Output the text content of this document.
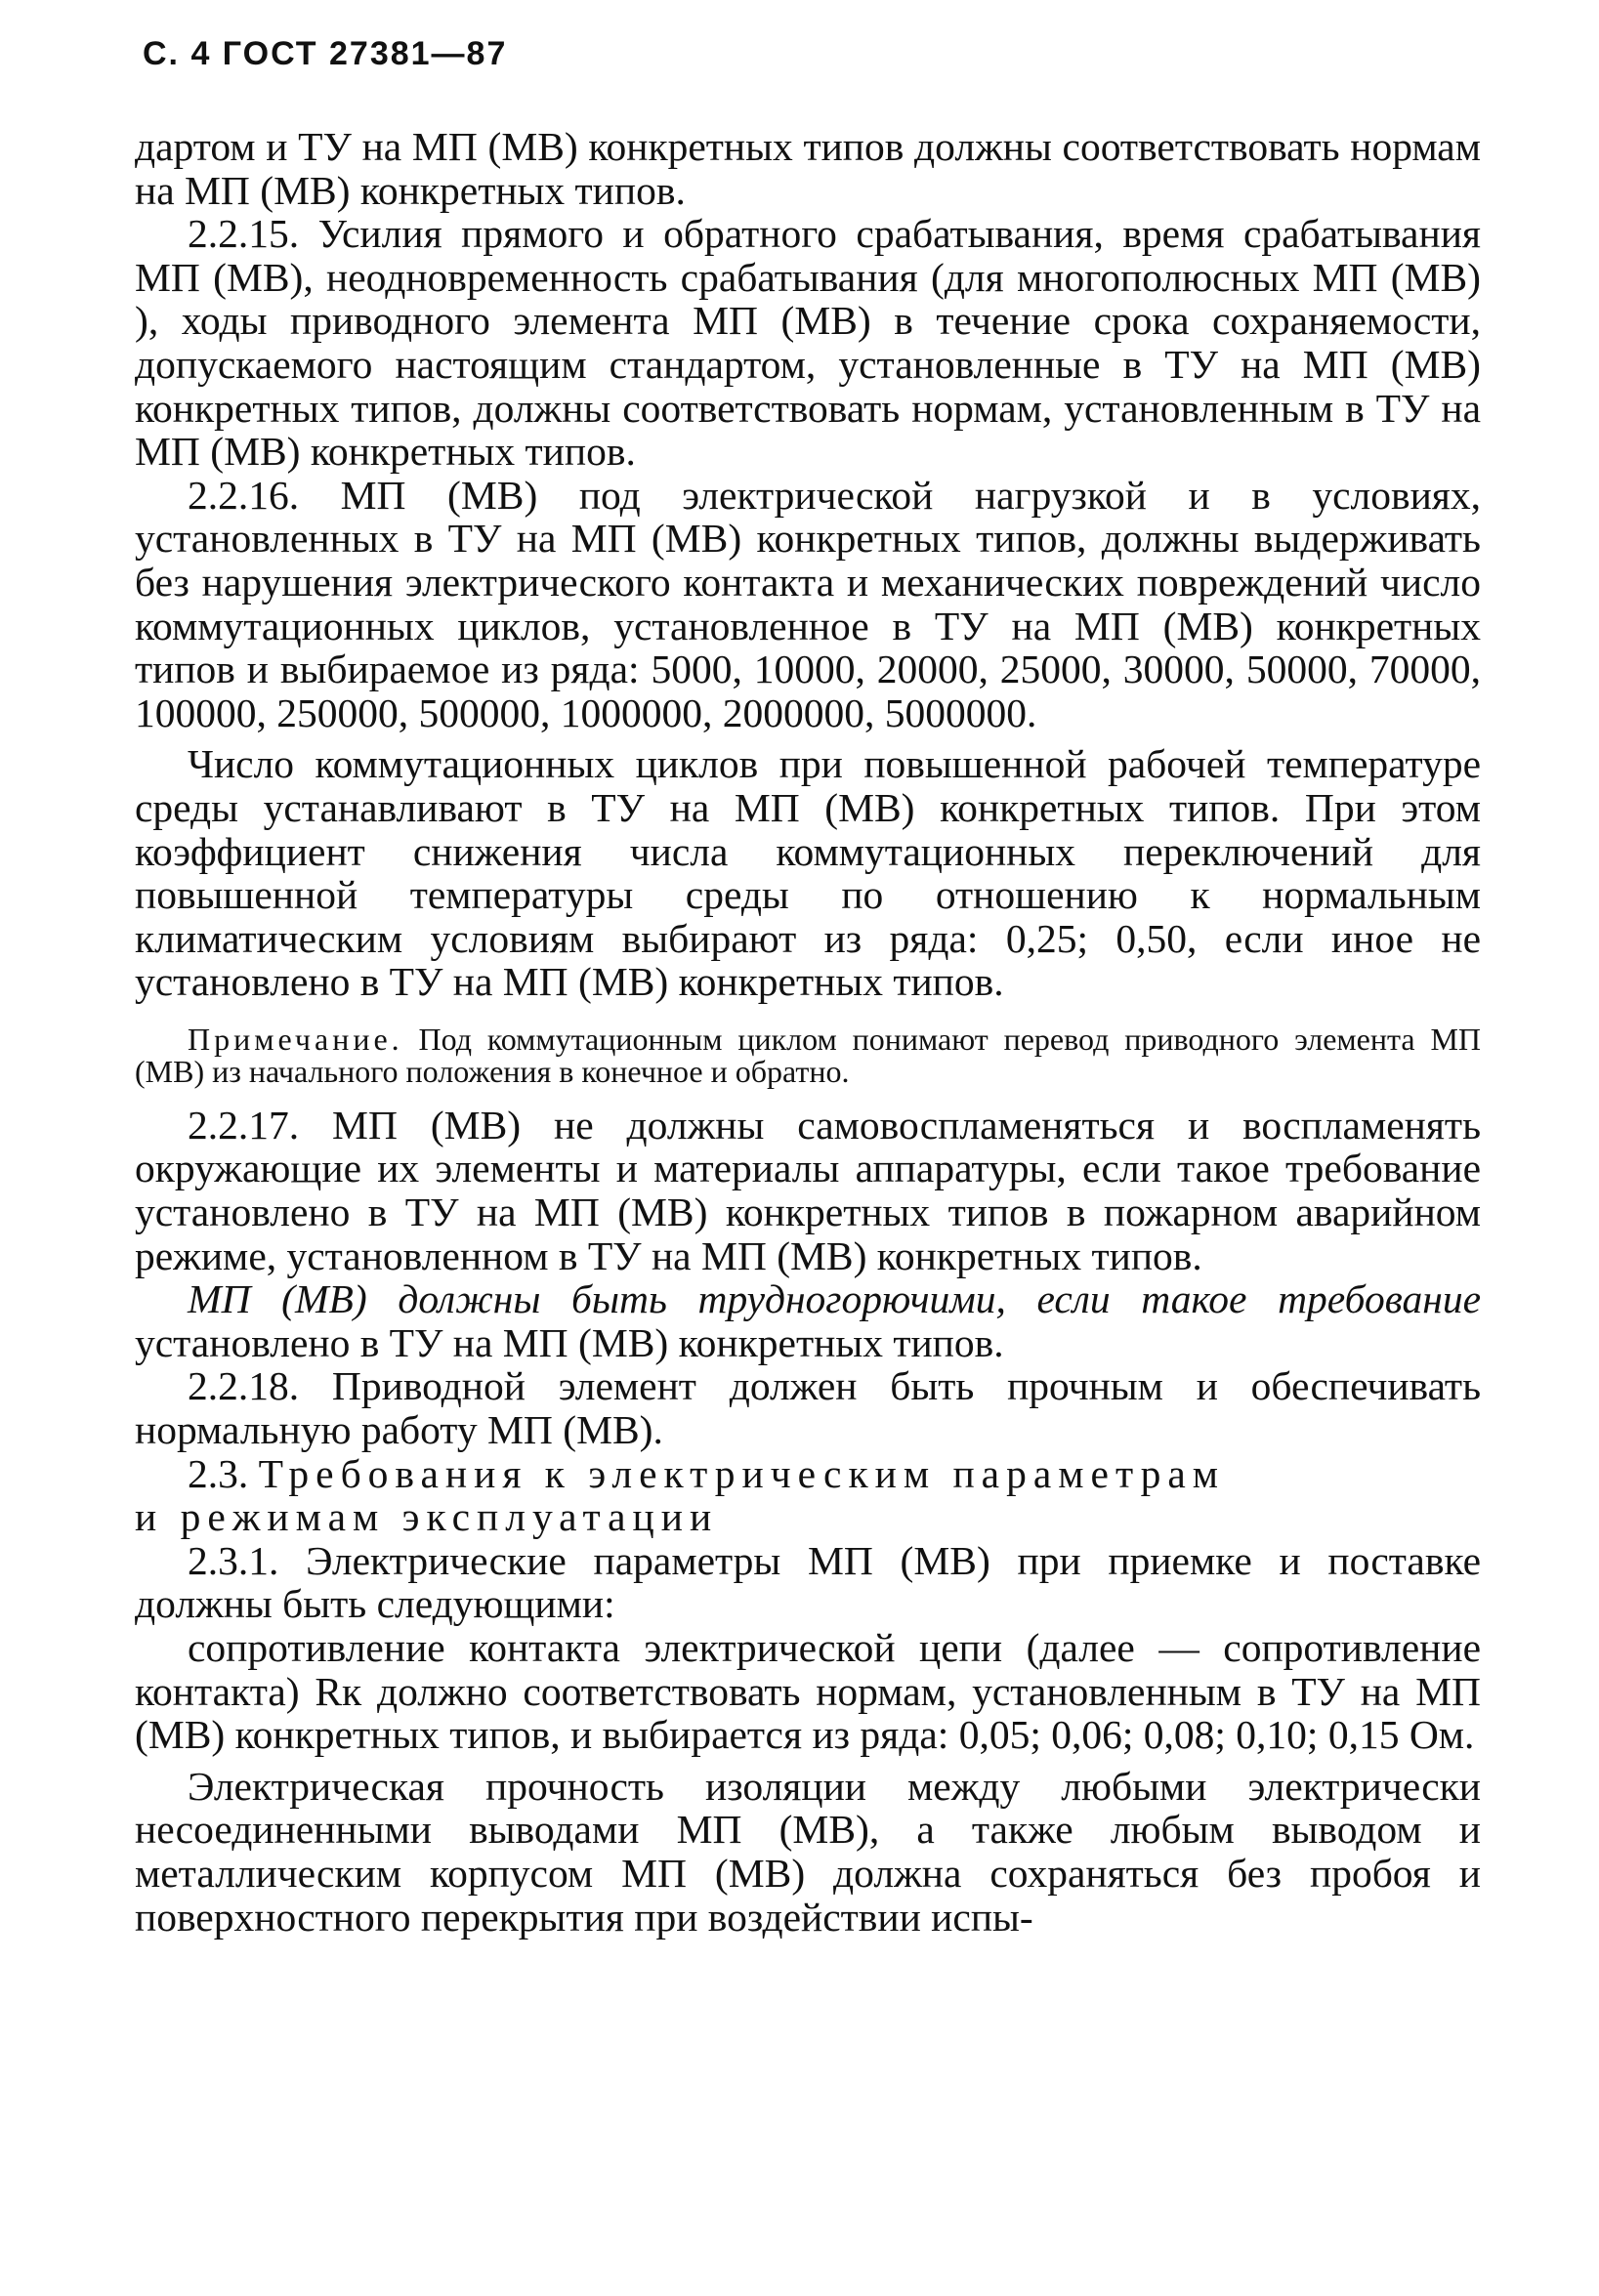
С. 4 ГОСТ 27381—87

дартом и ТУ на МП (МВ) конкретных типов должны соответствовать нормам на МП (МВ) конкретных типов.

2.2.15. Усилия прямого и обратного срабатывания, время срабатывания МП (МВ), неодновременность срабатывания (для многополюсных МП (МВ) ), ходы приводного элемента МП (МВ) в течение срока сохраняемости, допускаемого настоящим стандартом, установленные в ТУ на МП (МВ) конкретных типов, должны соответствовать нормам, установленным в ТУ на МП (МВ) конкретных типов.

2.2.16. МП (МВ) под электрической нагрузкой и в условиях, установленных в ТУ на МП (МВ) конкретных типов, должны выдерживать без нарушения электрического контакта и механических повреждений число коммутационных циклов, установленное в ТУ на МП (МВ) конкретных типов и выбираемое из ряда: 5000, 10000, 20000, 25000, 30000, 50000, 70000, 100000, 250000, 500000, 1000000, 2000000, 5000000.

Число коммутационных циклов при повышенной рабочей температуре среды устанавливают в ТУ на МП (МВ) конкретных типов. При этом коэффициент снижения числа коммутационных переключений для повышенной температуры среды по отношению к нормальным климатическим условиям выбирают из ряда: 0,25; 0,50, если иное не установлено в ТУ на МП (МВ) конкретных типов.

Примечание. Под коммутационным циклом понимают перевод приводного элемента МП (МВ) из начального положения в конечное и обратно.

2.2.17. МП (МВ) не должны самовоспламеняться и воспламенять окружающие их элементы и материалы аппаратуры, если такое требование установлено в ТУ на МП (МВ) конкретных типов в пожарном аварийном режиме, установленном в ТУ на МП (МВ) конкретных типов.

МП (МВ) должны быть трудногорючими, если такое требование установлено в ТУ на МП (МВ) конкретных типов.

2.2.18. Приводной элемент должен быть прочным и обеспечивать нормальную работу МП (МВ).

2.3. Требования к электрическим параметрам
и режимам эксплуатации

2.3.1. Электрические параметры МП (МВ) при приемке и поставке должны быть следующими:

сопротивление контакта электрической цепи (далее — сопротивление контакта) Rк должно соответствовать нормам, установленным в ТУ на МП (МВ) конкретных типов, и выбирается из ряда: 0,05; 0,06; 0,08; 0,10; 0,15 Ом.

Электрическая прочность изоляции между любыми электрически несоединенными выводами МП (МВ), а также любым выводом и металлическим корпусом МП (МВ) должна сохраняться без пробоя и поверхностного перекрытия при воздействии испы-
